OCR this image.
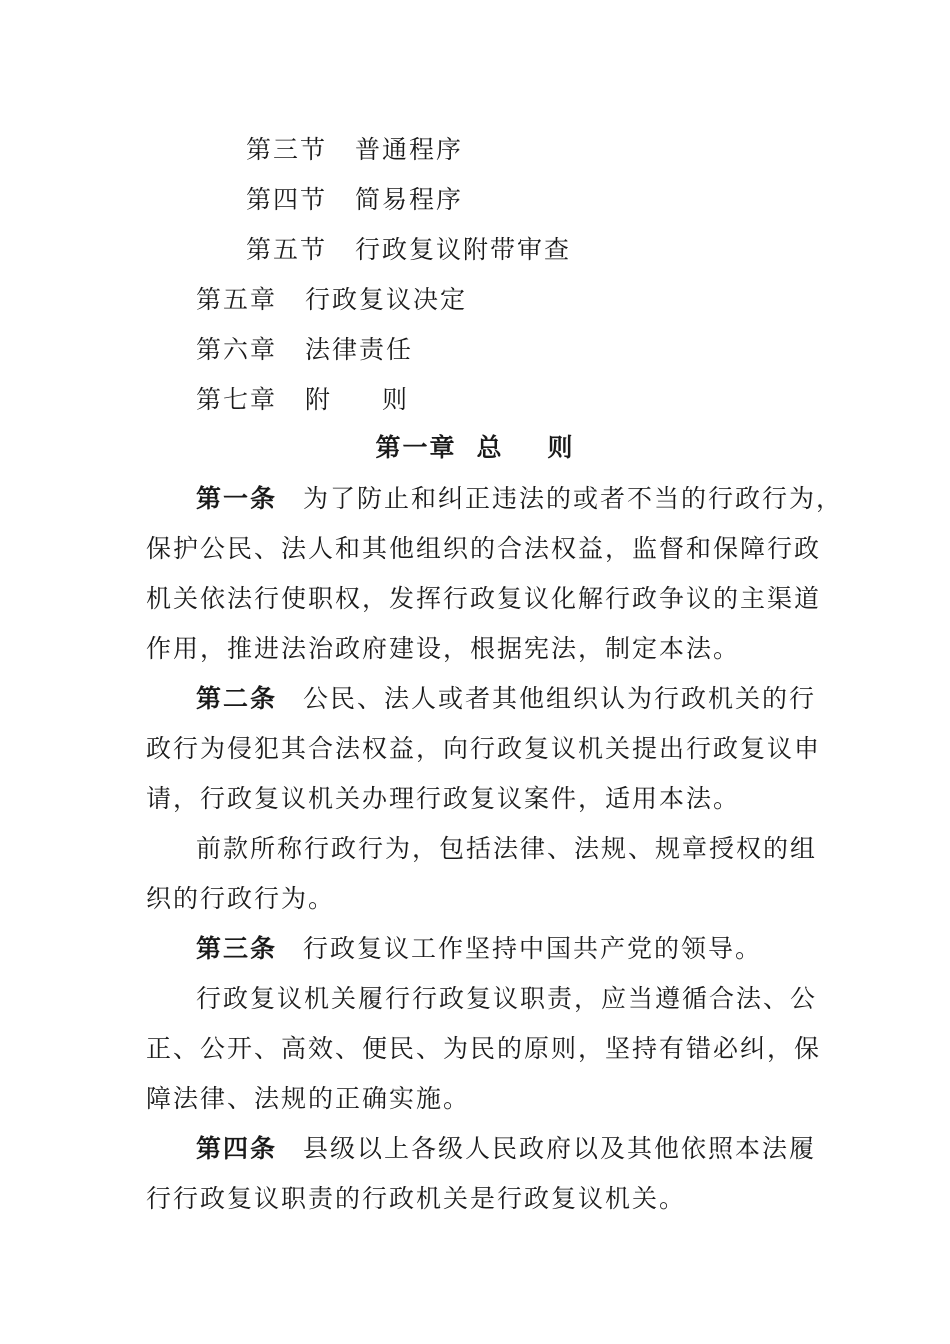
第三节 普通程序
第四节 简易程序
第五节 行政复议附带审查
第五章 行政复议决定
第六章 法律责任
第七章 附 则
第一章 总 则
第一条 为了防止和纠正违法的或者不当的行政行为，
保护公民、法人和其他组织的合法权益，监督和保障行政
机关依法行使职权，发挥行政复议化解行政争议的主渠道
作用，推进法治政府建设，根据宪法，制定本法。
第二条 公民、法人或者其他组织认为行政机关的行
政行为侵犯其合法权益，向行政复议机关提出行政复议申
请，行政复议机关办理行政复议案件，适用本法。
前款所称行政行为，包括法律、法规、规章授权的组
织的行政行为。
第三条 行政复议工作坚持中国共产党的领导。
行政复议机关履行行政复议职责，应当遵循合法、公
正、公开、高效、便民、为民的原则，坚持有错必纠，保
障法律、法规的正确实施。
第四条 县级以上各级人民政府以及其他依照本法履
行行政复议职责的行政机关是行政复议机关。
